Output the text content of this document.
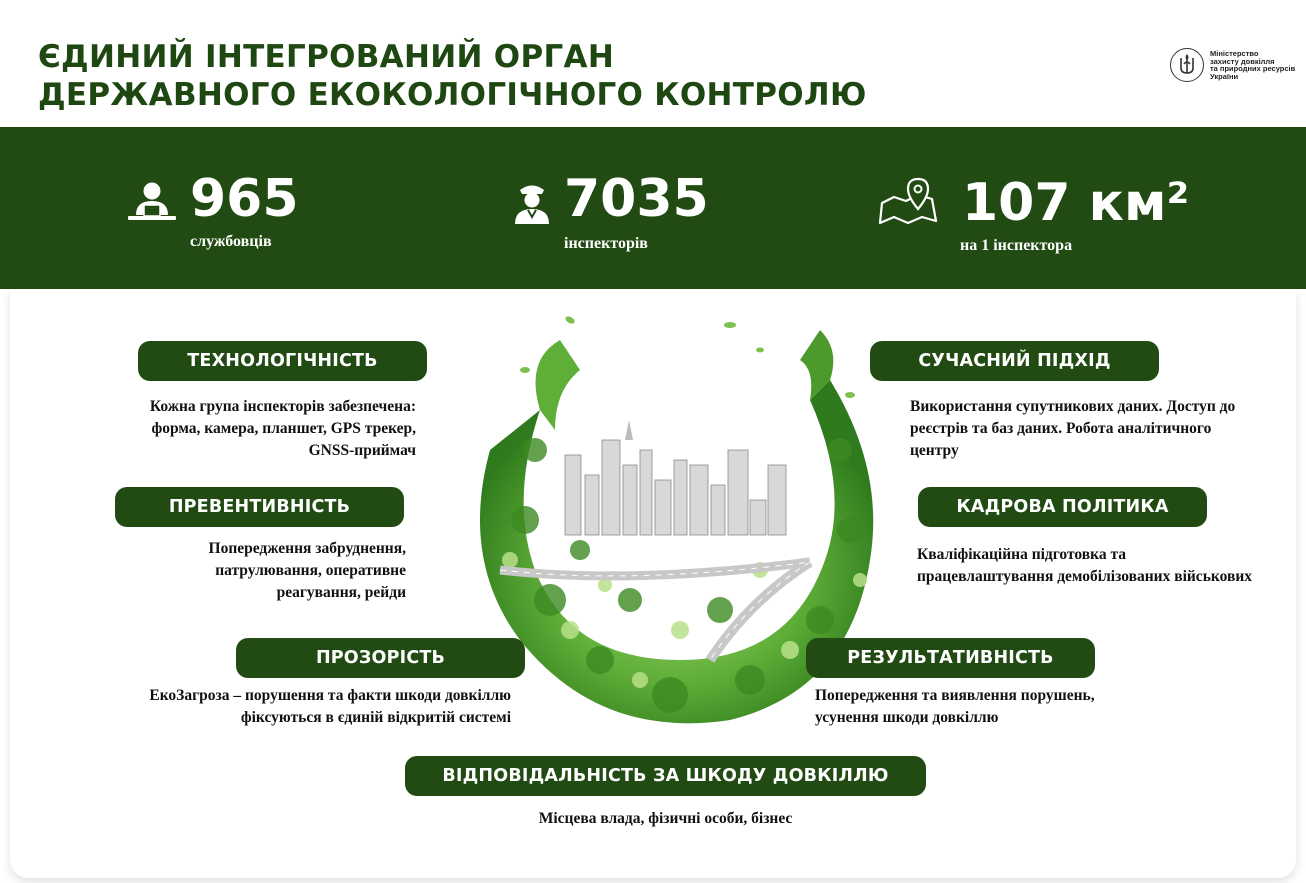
ЄДИНИЙ ІНТЕГРОВАНИЙ ОРГАН
ДЕРЖАВНОГО ЕКОКОЛОГІЧНОГО КОНТРОЛЮ
Міністерство
захисту довкілля
та природних ресурсів
України
965
службовців
7035
інспекторів
107 км²
на 1 інспектора
ТЕХНОЛОГІЧНІСТЬ
Кожна група інспекторів забезпечена:
форма, камера, планшет, GPS трекер,
GNSS-приймач
ПРЕВЕНТИВНІСТЬ
Попередження забруднення,
патрулювання, оперативне
реагування, рейди
ПРОЗОРІСТЬ
ЕкоЗагроза – порушення та факти шкоди довкіллю
фіксуються в єдиній відкритій системі
СУЧАСНИЙ ПІДХІД
Використання супутникових даних. Доступ до
реєстрів та баз даних. Робота аналітичного
центру
КАДРОВА ПОЛІТИКА
Кваліфікаційна підготовка та
працевлаштування демобілізованих військових
РЕЗУЛЬТАТИВНІСТЬ
Попередження та виявлення порушень,
усунення шкоди довкіллю
ВІДПОВІДАЛЬНІСТЬ ЗА ШКОДУ ДОВКІЛЛЮ
Місцева влада, фізичні особи, бізнес
